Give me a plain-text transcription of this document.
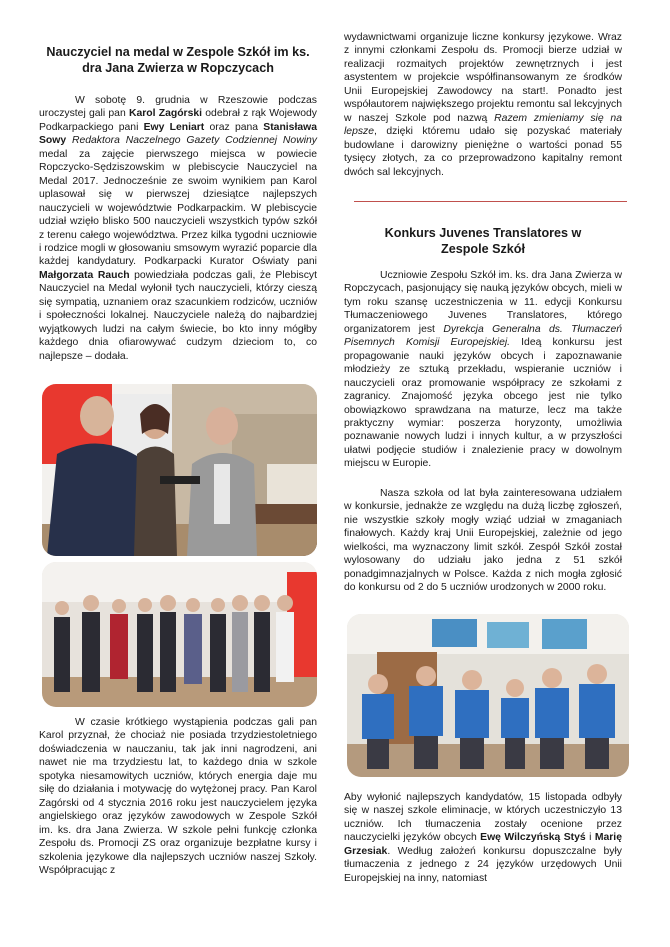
Nauczyciel na medal w Zespole Szkół im ks. dra Jana Zwierza w Ropczycach

W sobotę 9. grudnia w Rzeszowie podczas uroczystej gali pan Karol Zagórski odebrał z rąk Wojewody Podkarpackiego pani Ewy Leniart oraz pana Stanisława Sowy Redaktora Naczelnego Gazety Codziennej Nowiny medal za zajęcie pierwszego miejsca w powiecie Ropczycko-Sędziszowskim w plebiscycie Nauczyciel na Medal 2017. Jednocześnie ze swoim wynikiem pan Karol uplasował się w pierwszej dziesiątce najlepszych nauczycieli w województwie Podkarpackim. W plebiscycie udział wzięło blisko 500 nauczycieli wszystkich typów szkół z terenu całego województwa. Przez kilka tygodni uczniowie i rodzice mogli w głosowaniu smsowym wyrazić poparcie dla każdej kandydatury. Podkarpacki Kurator Oświaty pani Małgorzata Rauch powiedziała podczas gali, że Plebiscyt Nauczyciel na Medal wyłonił tych nauczycieli, którzy cieszą się sympatią, uznaniem oraz szacunkiem rodziców, uczniów i społeczności lokalnej. Nauczyciele należą do najbardziej wyjątkowych ludzi na całym świecie, bo kto inny mógłby każdego dnia ofiarowywać cudzym dzieciom to, co najlepsze – dodała.

W czasie krótkiego wystąpienia podczas gali pan Karol przyznał, że chociaż nie posiada trzydziestoletniego doświadczenia w nauczaniu, tak jak inni nagrodzeni, ani nawet nie ma trzydziestu lat, to każdego dnia w szkole spotyka niesamowitych uczniów, których energia daje mu siłę do działania i motywację do wytężonej pracy. Pan Karol Zagórski od 4 stycznia 2016 roku jest nauczycielem języka angielskiego oraz języków zawodowych w Zespole Szkół im. ks. dra Jana Zwierza. W szkole pełni funkcję członka Zespołu ds. Promocji ZS oraz organizuje bezpłatne kursy i szkolenia językowe dla najlepszych uczniów naszej Szkoły. Współpracując z

wydawnictwami organizuje liczne konkursy językowe. Wraz z innymi członkami Zespołu ds. Promocji bierze udział w realizacji rozmaitych projektów zewnętrznych i jest asystentem w projekcie współfinansowanym ze środków Unii Europejskiej Zawodowcy na start!. Ponadto jest współautorem największego projektu remontu sal lekcyjnych w naszej Szkole pod nazwą Razem zmieniamy się na lepsze, dzięki któremu udało się pozyskać materiały budowlane i darowizny pieniężne o wartości ponad 55 tysięcy złotych, za co przeprowadzono kapitalny remont dwóch sal lekcyjnych.

Konkurs Juvenes Translatores w Zespole Szkół

Uczniowie Zespołu Szkół im. ks. dra Jana Zwierza w Ropczycach, pasjonujący się nauką języków obcych, mieli w tym roku szansę uczestniczenia w 11. edycji Konkursu Tłumaczeniowego Juvenes Translatores, którego organizatorem jest Dyrekcja Generalna ds. Tłumaczeń Pisemnych Komisji Europejskiej. Ideą konkursu jest propagowanie nauki języków obcych i zapoznawanie młodzieży ze sztuką przekładu, wspieranie uczniów i nauczycieli oraz promowanie współpracy ze szkołami z zagranicy. Znajomość języka obcego jest nie tylko obowiązkowo sprawdzana na maturze, lecz ma także praktyczny wymiar: poszerza horyzonty, umożliwia poznawanie nowych ludzi i innych kultur, a w przyszłości ułatwi podjęcie studiów i znalezienie pracy w dowolnym miejscu w Europie.

Nasza szkoła od lat była zainteresowana udziałem w konkursie, jednakże ze względu na dużą liczbę zgłoszeń, nie wszystkie szkoły mogły wziąć udział w zmaganiach finałowych. Każdy kraj Unii Europejskiej, zależnie od jego wielkości, ma wyznaczony limit szkół. Zespół Szkół został wylosowany do udziału jako jedna z 51 szkół ponadgimnazjalnych w Polsce. Każda z nich mogła zgłosić do konkursu od 2 do 5 uczniów urodzonych w 2000 roku.

Aby wyłonić najlepszych kandydatów, 15 listopada odbyły się w naszej szkole eliminacje, w których uczestniczyło 13 uczniów. Ich tłumaczenia zostały ocenione przez nauczycielki języków obcych Ewę Wilczyńską Styś i Marię Grzesiak. Według założeń konkursu dopuszczalne były tłumaczenia z jednego z 24 języków urzędowych Unii Europejskiej na inny, natomiast
